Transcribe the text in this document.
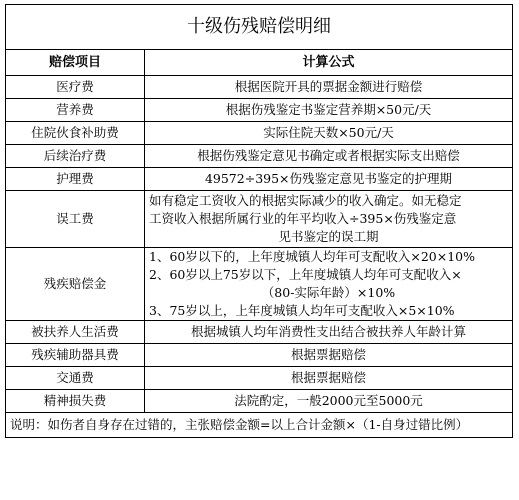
十级伤残赔偿明细	
赔偿项目	计算公式
医疗费	根据医院开具的票据金额进行赔偿
营养费	根据伤残鉴定书鉴定营养期×50元/天
住院伙食补助费	实际住院天数×50元/天
后续治疗费	根据伤残鉴定意见书确定或者根据实际支出赔偿
护理费	49572÷395×伤残鉴定意见书鉴定的护理期
误工费	如有稳定工资收入的根据实际减少的收入确定。如无稳定
工资收入根据所属行业的年平均收入÷395×伤残鉴定意
见书鉴定的误工期

残疾赔偿金	1、60岁以下的，上年度城镇人均年可支配收入×20×10%
2、60岁以上75岁以下，上年度城镇人均年可支配收入×
（80-实际年龄）×10%
3、75岁以上，上年度城镇人均年可支配收入×5×10%

被扶养人生活费	根据城镇人均年消费性支出结合被扶养人年龄计算
残疾辅助器具费	根据票据赔偿
交通费	根据票据赔偿
精神损失费	法院酌定，一般2000元至5000元
说明：如伤者自身存在过错的，主张赔偿金额=以上合计金额×（1-自身过错比例）	
